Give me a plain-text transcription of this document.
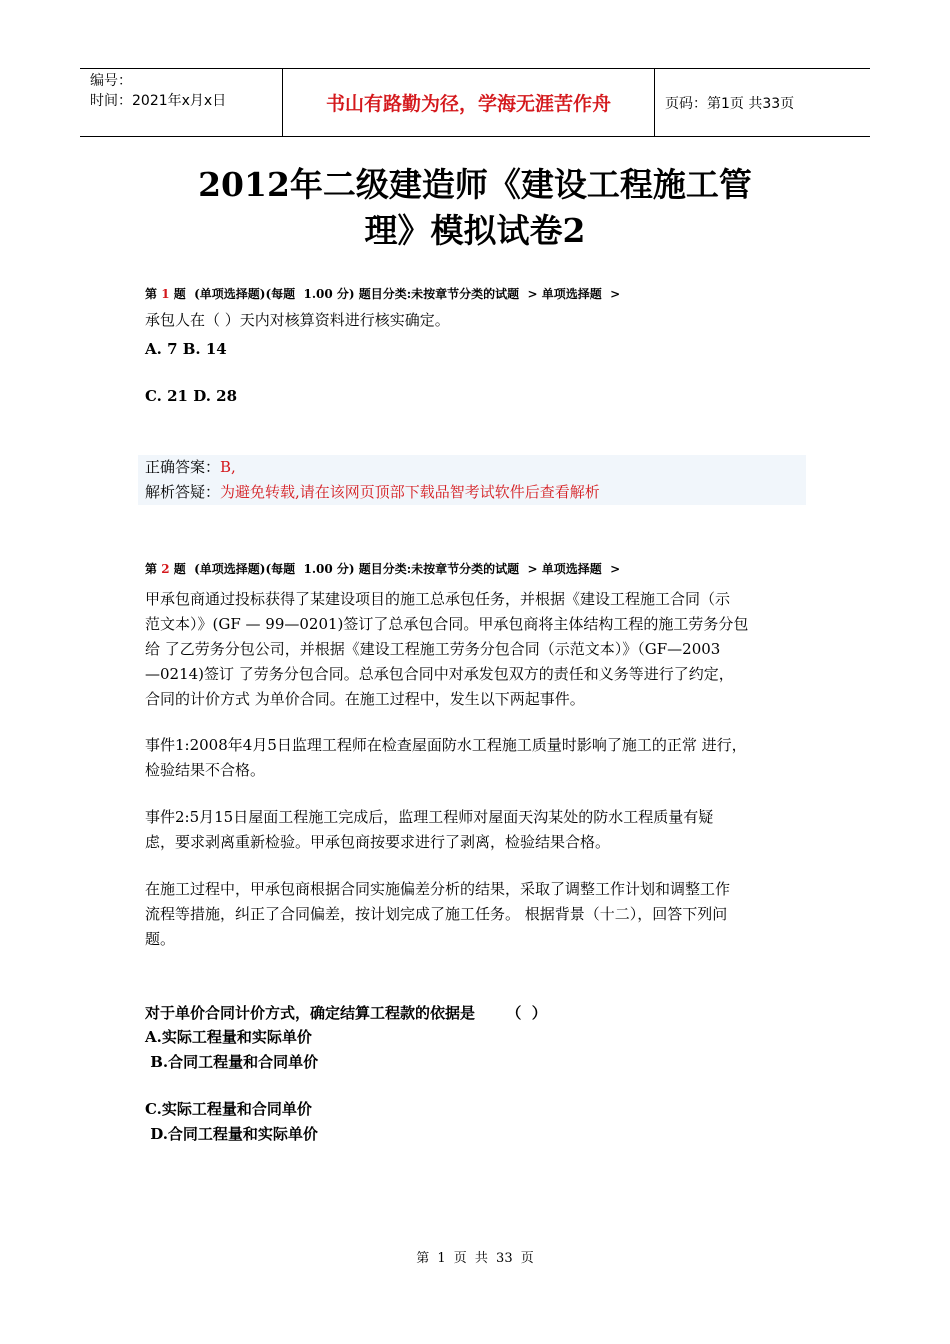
编号：
时间：2021年x月x日	书山有路勤为径，学海无涯苦作舟	页码：第1页 共33页
2012年二级建造师《建设工程施工管
理》模拟试卷2
第 1 题  (单项选择题)(每题  1.00 分) 题目分类:未按章节分类的试题  > 单项选择题  >
承包人在（ ）天内对核算资料进行核实确定。
A. 7 B. 14
C. 21 D. 28
正确答案：B,
解析答疑：为避免转载,请在该网页顶部下载品智考试软件后查看解析
第 2 题  (单项选择题)(每题  1.00 分) 题目分类:未按章节分类的试题  > 单项选择题  >
甲承包商通过投标获得了某建设项目的施工总承包任务，并根据《建设工程施工合同（示
范文本）》(GF — 99—0201)签订了总承包合同。甲承包商将主体结构工程的施工劳务分包
给 了乙劳务分包公司，并根据《建设工程施工劳务分包合同（示范文本）》（GF—2003
—0214)签订 了劳务分包合同。总承包合同中对承发包双方的责任和义务等进行了约定，
合同的计价方式 为单价合同。在施工过程中，发生以下两起事件。
事件1:2008年4月5日监理工程师在检查屋面防水工程施工质量时影响了施工的正常 进行，
检验结果不合格。
事件2:5月15日屋面工程施工完成后，监理工程师对屋面天沟某处的防水工程质量有疑
虑，要求剥离重新检验。甲承包商按要求进行了剥离，检验结果合格。
在施工过程中，甲承包商根据合同实施偏差分析的结果，采取了调整工作计划和调整工作
流程等措施，纠正了合同偏差，按计划完成了施工任务。 根据背景（十二），回答下列问
题。
对于单价合同计价方式，确定结算工程款的依据是      （  ）
A.实际工程量和实际单价
B.合同工程量和合同单价
C.实际工程量和合同单价
D.合同工程量和实际单价
第 1 页 共 33 页
